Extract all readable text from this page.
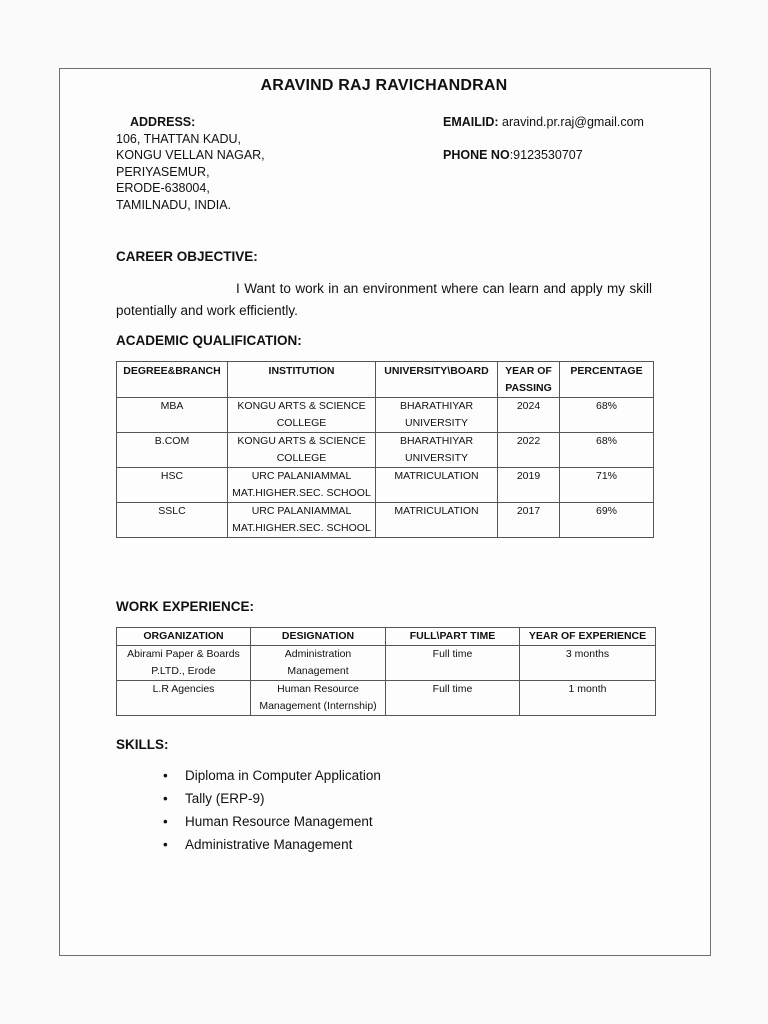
ARAVIND RAJ RAVICHANDRAN
ADDRESS:
106, THATTAN KADU,
KONGU VELLAN NAGAR,
PERIYASEMUR,
ERODE-638004,
TAMILNADU, INDIA.
EMAILID: aravind.pr.raj@gmail.com
PHONE NO:9123530707
CAREER OBJECTIVE:
I Want to work in an environment where can learn and apply my skill potentially and work efficiently.
ACADEMIC QUALIFICATION:
DEGREE&BRANCH	INSTITUTION	UNIVERSITY\BOARD	YEAR OF PASSING	PERCENTAGE
MBA	KONGU ARTS & SCIENCE COLLEGE	BHARATHIYAR UNIVERSITY	2024	68%
B.COM	KONGU ARTS & SCIENCE COLLEGE	BHARATHIYAR UNIVERSITY	2022	68%
HSC	URC PALANIAMMAL MAT.HIGHER.SEC. SCHOOL	MATRICULATION	2019	71%
SSLC	URC PALANIAMMAL MAT.HIGHER.SEC. SCHOOL	MATRICULATION	2017	69%
WORK EXPERIENCE:
ORGANIZATION	DESIGNATION	FULL\PART TIME	YEAR OF EXPERIENCE
Abirami Paper & Boards P.LTD., Erode	Administration Management	Full time	3 months
L.R Agencies	Human Resource Management (Internship)	Full time	1 month
SKILLS:
• Diploma in Computer Application
• Tally (ERP-9)
• Human Resource Management
• Administrative Management
